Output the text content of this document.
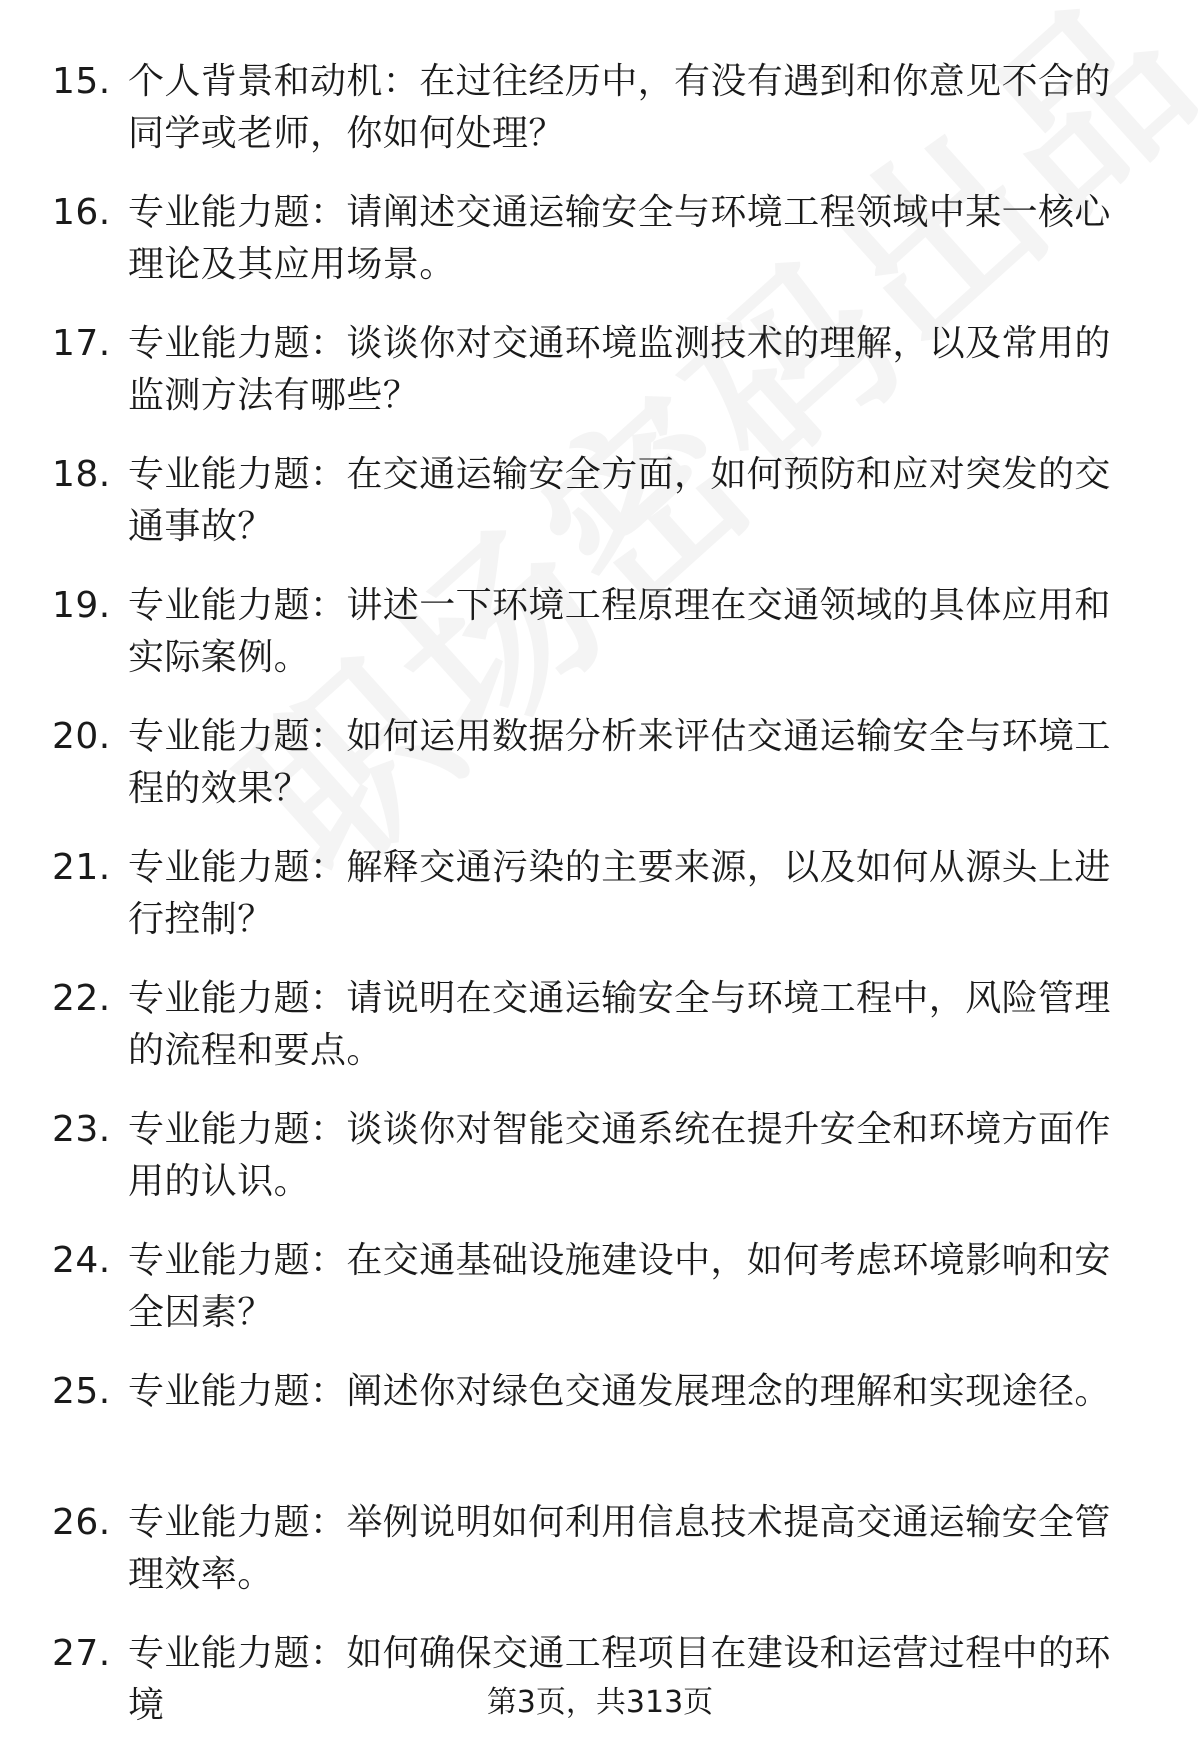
15. 个人背景和动机：在过往经历中，有没有遇到和你意见不合的同学或老师，你如何处理？
16. 专业能力题：请阐述交通运输安全与环境工程领域中某一核心理论及其应用场景。
17. 专业能力题：谈谈你对交通环境监测技术的理解，以及常用的监测方法有哪些？
18. 专业能力题：在交通运输安全方面，如何预防和应对突发的交通事故？
19. 专业能力题：讲述一下环境工程原理在交通领域的具体应用和实际案例。
20. 专业能力题：如何运用数据分析来评估交通运输安全与环境工程的效果？
21. 专业能力题：解释交通污染的主要来源，以及如何从源头上进行控制？
22. 专业能力题：请说明在交通运输安全与环境工程中，风险管理的流程和要点。
23. 专业能力题：谈谈你对智能交通系统在提升安全和环境方面作用的认识。
24. 专业能力题：在交通基础设施建设中，如何考虑环境影响和安全因素？
25. 专业能力题：阐述你对绿色交通发展理念的理解和实现途径。
26. 专业能力题：举例说明如何利用信息技术提高交通运输安全管理效率。
27. 专业能力题：如何确保交通工程项目在建设和运营过程中的环境	第3页，共313页
